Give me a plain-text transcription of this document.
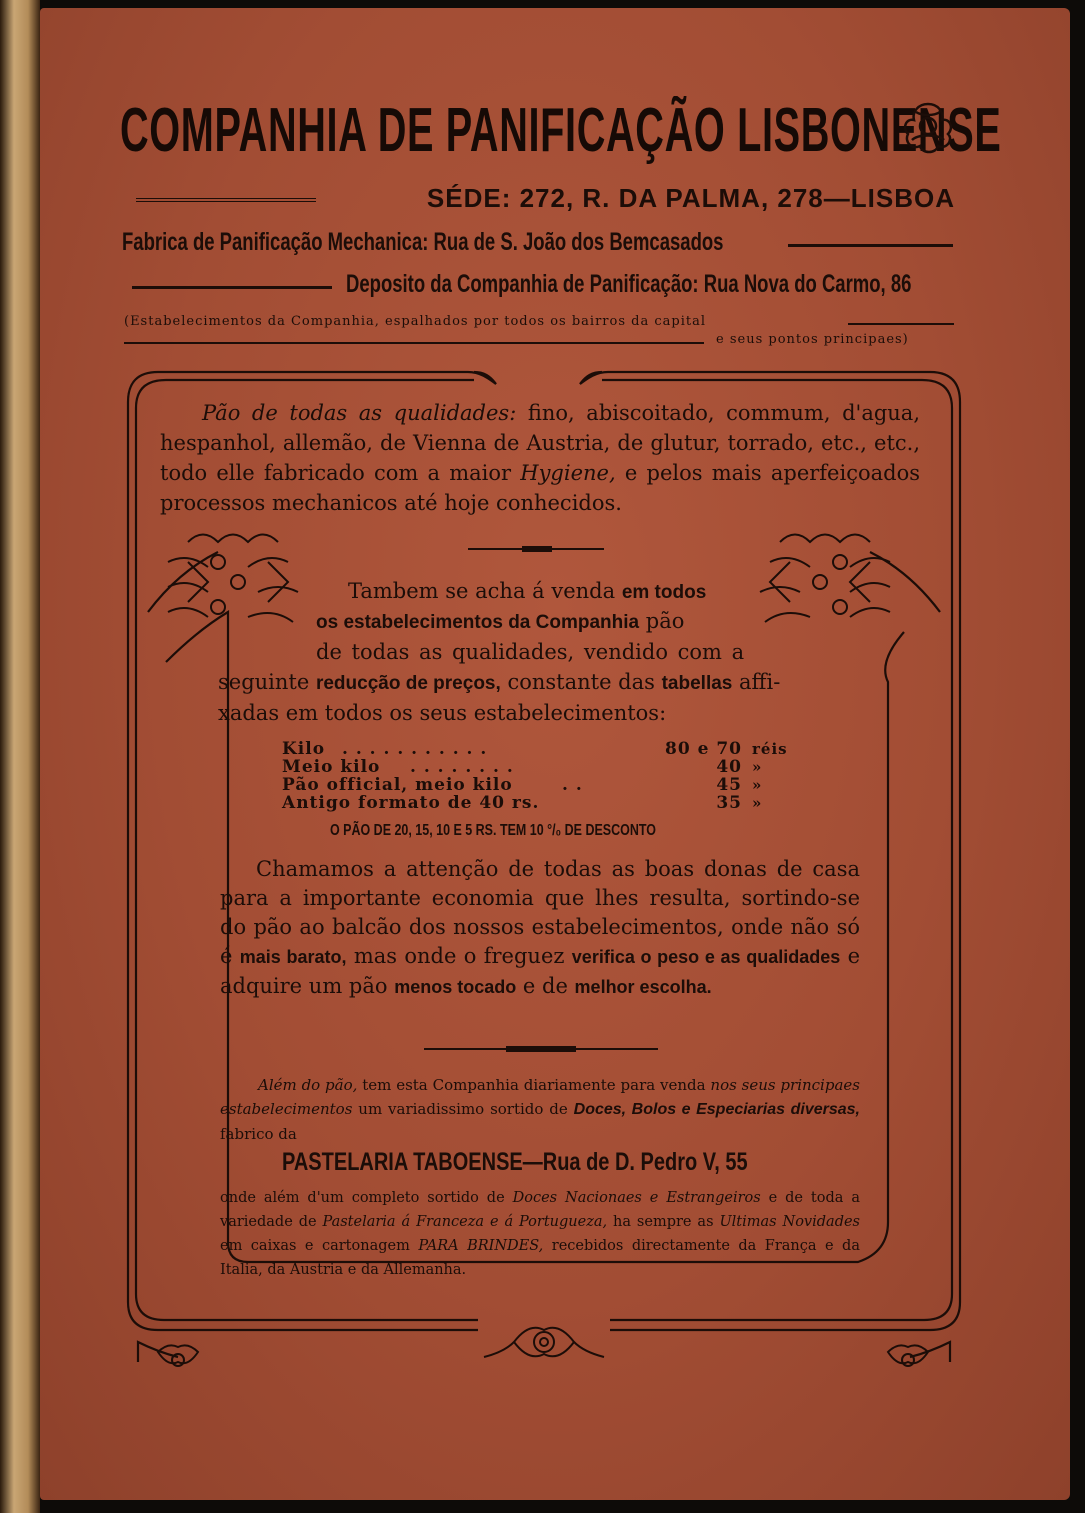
COMPANHIA DE PANIFICAÇÃO LISBONENSE
SÉDE: 272, R. DA PALMA, 278—LISBOA
Fabrica de Panificação Mechanica: Rua de S. João dos Bemcasados
Deposito da Companhia de Panificação: Rua Nova do Carmo, 86
(Estabelecimentos da Companhia, espalhados por todos os bairros da capital
e seus pontos principaes)
Pão de todas as qualidades: fino, abiscoitado, commum, d'agua, hespanhol, allemão, de Vienna de Austria, de glutur, torrado, etc., etc., todo elle fabricado com a maior Hygiene, e pelos mais aperfeiçoados processos mechanicos até hoje conhecidos.
Tambem se acha á venda em todos
os estabelecimentos da Companhia pão
de todas as qualidades, vendido com a
seguinte reducção de preços, constante das tabellas affi-
xadas em todos os seus estabelecimentos:
Kilo . . . . . . . . . . .	80 e 70 réis
Meio kilo . . . . . . . .	40 »
Pão official, meio kilo	. .	45 »
Antigo formato de 40 rs.	35 »
O PÃO DE 20, 15, 10 E 5 RS. TEM 10 °/₀ DE DESCONTO
Chamamos a attenção de todas as boas donas de casa para a importante economia que lhes resulta, sortindo-se do pão ao balcão dos nossos estabelecimentos, onde não só é mais barato, mas onde o freguez verifica o peso e as qualidades e adquire um pão menos tocado e de melhor escolha.
Além do pão, tem esta Companhia diariamente para venda nos seus principaes estabelecimentos um variadissimo sortido de Doces, Bolos e Especiarias diversas, fabrico da
PASTELARIA TABOENSE—Rua de D. Pedro V, 55
onde além d'um completo sortido de Doces Nacionaes e Estrangeiros e de toda a variedade de Pastelaria á Franceza e á Portugueza, ha sempre as Ultimas Novidades em caixas e cartonagem PARA BRINDES, recebidos directamente da França e da Italia, da Austria e da Allemanha.
